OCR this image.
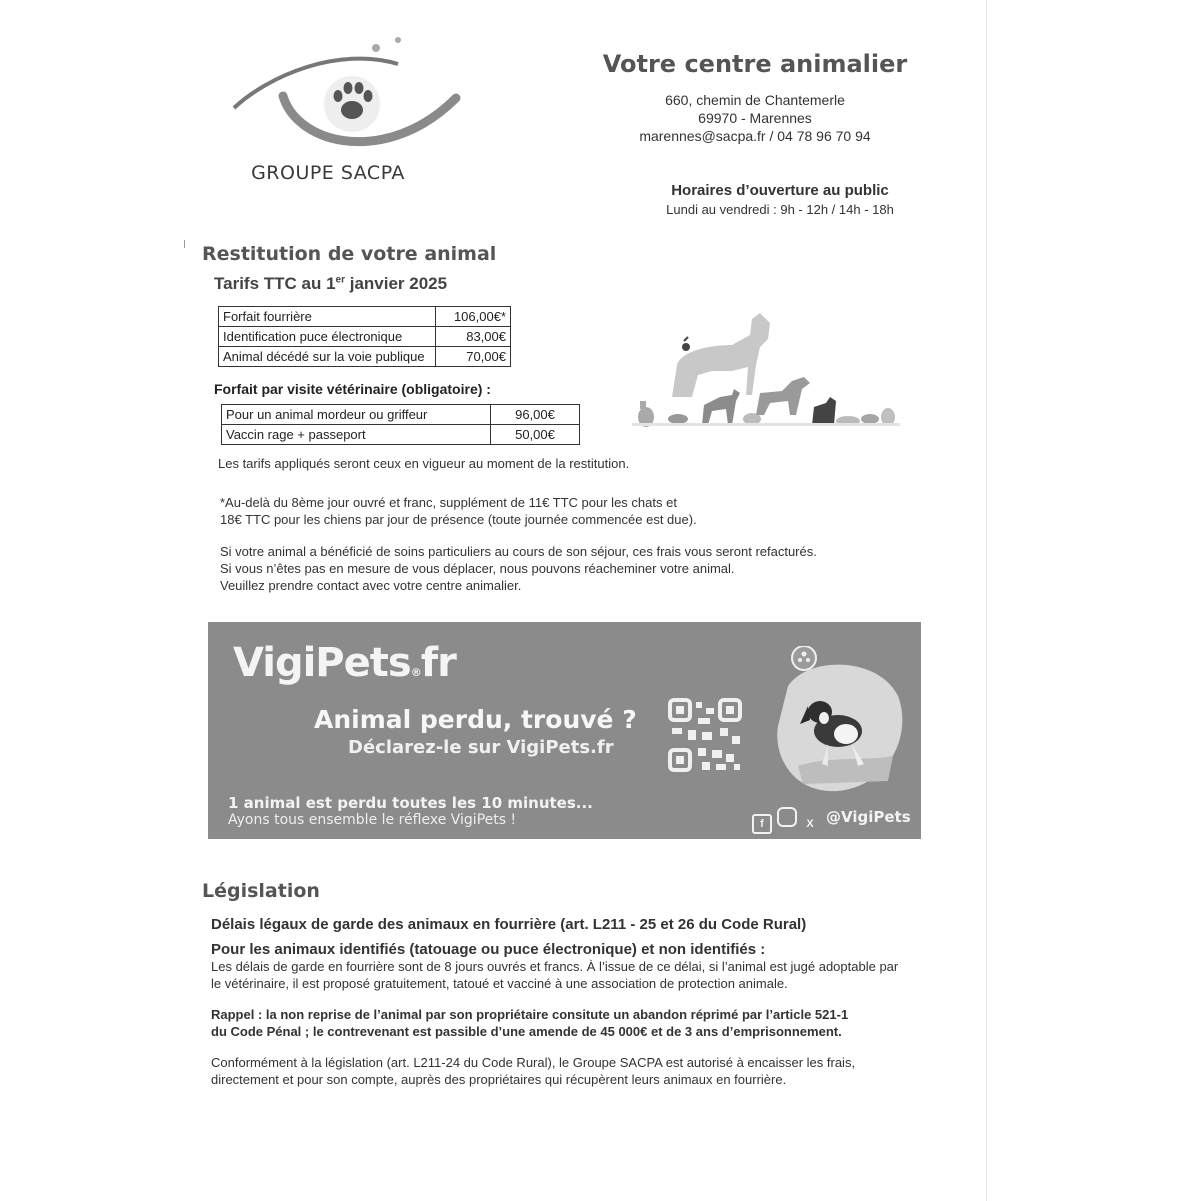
GROUPE SACPA
Votre centre animalier
660, chemin de Chantemerle
69970 - Marennes
marennes@sacpa.fr / 04 78 96 70 94
Horaires d’ouverture au public
Lundi au vendredi : 9h - 12h / 14h - 18h
Restitution de votre animal
Tarifs TTC au 1er janvier 2025
Forfait fourrière	106,00€*
Identification puce électronique	83,00€
Animal décédé sur la voie publique	70,00€
Forfait par visite vétérinaire (obligatoire) :
Pour un animal mordeur ou griffeur	96,00€
Vaccin rage + passeport	50,00€
Les tarifs appliqués seront ceux en vigueur au moment de la restitution.
*Au-delà du 8ème jour ouvré et franc, supplément de 11€ TTC pour les chats et
18€ TTC pour les chiens par jour de présence (toute journée commencée est due).
Si votre animal a bénéficié de soins particuliers au cours de son séjour, ces frais vous seront refacturés.
Si vous n’êtes pas en mesure de vous déplacer, nous pouvons réacheminer votre animal.
Veuillez prendre contact avec votre centre animalier.
VigiPets®fr
Animal perdu, trouvé ?
Déclarez-le sur VigiPets.fr
1 animal est perdu toutes les 10 minutes...
Ayons tous ensemble le réflexe VigiPets !	f	X @VigiPets
Législation
Délais légaux de garde des animaux en fourrière (art. L211 - 25 et 26 du Code Rural)
Pour les animaux identifiés (tatouage ou puce électronique) et non identifiés :
Les délais de garde en fourrière sont de 8 jours ouvrés et francs. À l’issue de ce délai, si l’animal est jugé adoptable par
le vétérinaire, il est proposé gratuitement, tatoué et vacciné à une association de protection animale.
Rappel : la non reprise de l’animal par son propriétaire consitute un abandon réprimé par l’article 521-1
du Code Pénal ; le contrevenant est passible d’une amende de 45 000€ et de 3 ans d’emprisonnement.
Conformément à la législation (art. L211-24 du Code Rural), le Groupe SACPA est autorisé à encaisser les frais,
directement et pour son compte, auprès des propriétaires qui récupèrent leurs animaux en fourrière.
